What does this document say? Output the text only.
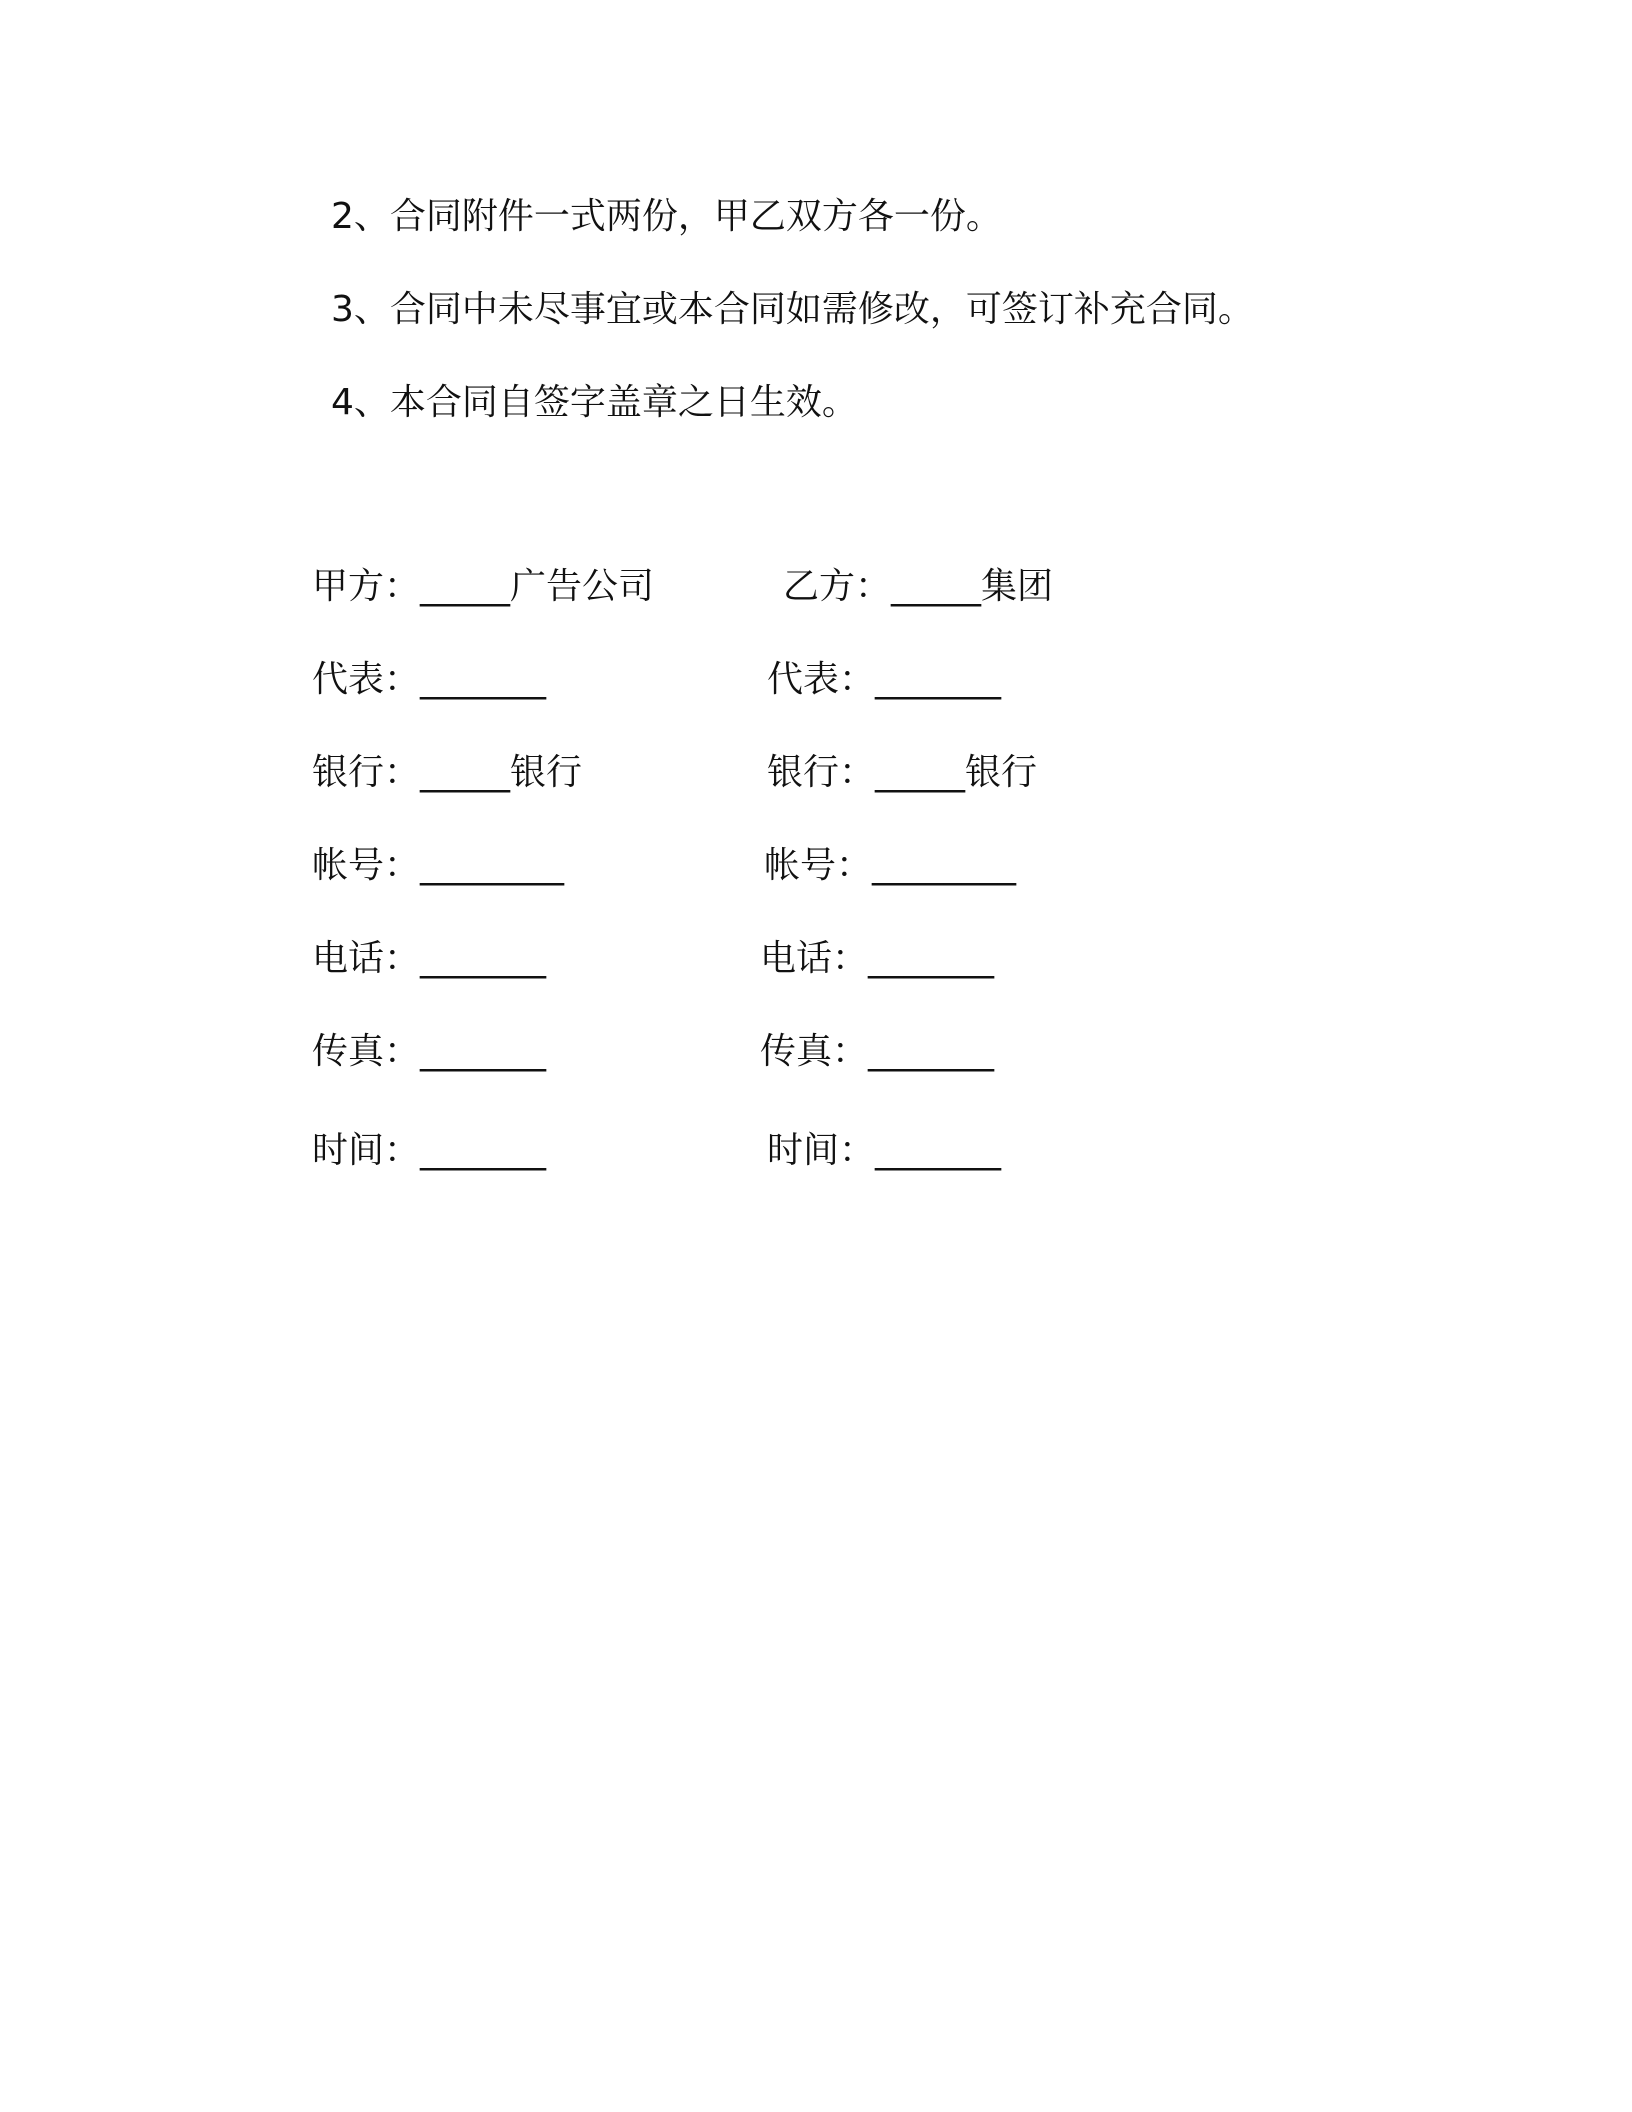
2、合同附件一式两份，甲乙双方各一份。
3、合同中未尽事宜或本合同如需修改，可签订补充合同。
4、本合同自签字盖章之日生效。
甲方：_____广告公司
代表：_______
银行：_____银行
帐号：________
电话：_______
传真：_______
时间：_______
乙方：_____集团
代表：_______
银行：_____银行
帐号：________
电话：_______
传真：_______
时间：_______
